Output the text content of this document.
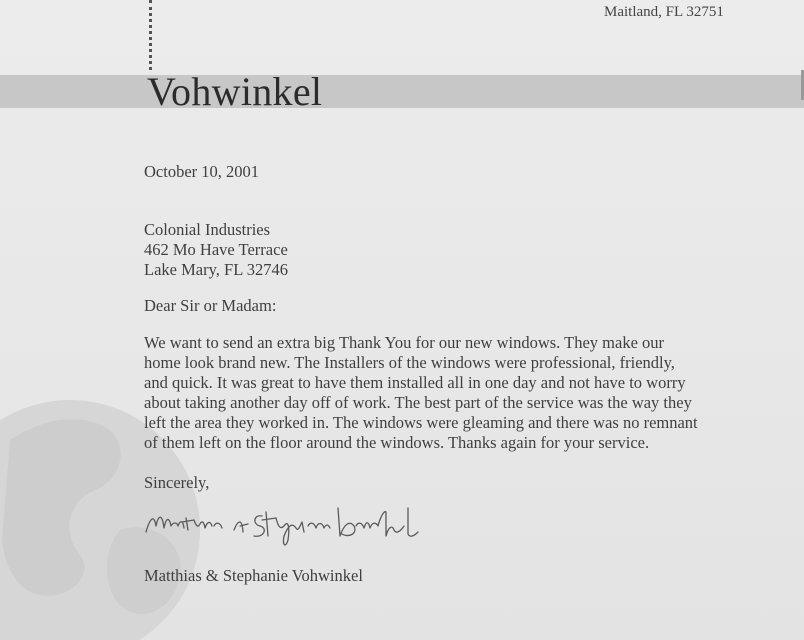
Maitland, FL 32751
Vohwinkel
October 10, 2001
Colonial Industries
462 Mo Have Terrace
Lake Mary, FL 32746
Dear Sir or Madam:
We want to send an extra big Thank You for our new windows. They make our
home look brand new. The Installers of the windows were professional, friendly,
and quick. It was great to have them installed all in one day and not have to worry
about taking another day off of work. The best part of the service was the way they
left the area they worked in. The windows were gleaming and there was no remnant
of them left on the floor around the windows. Thanks again for your service.
Sincerely,
Matthias & Stephanie Vohwinkel
